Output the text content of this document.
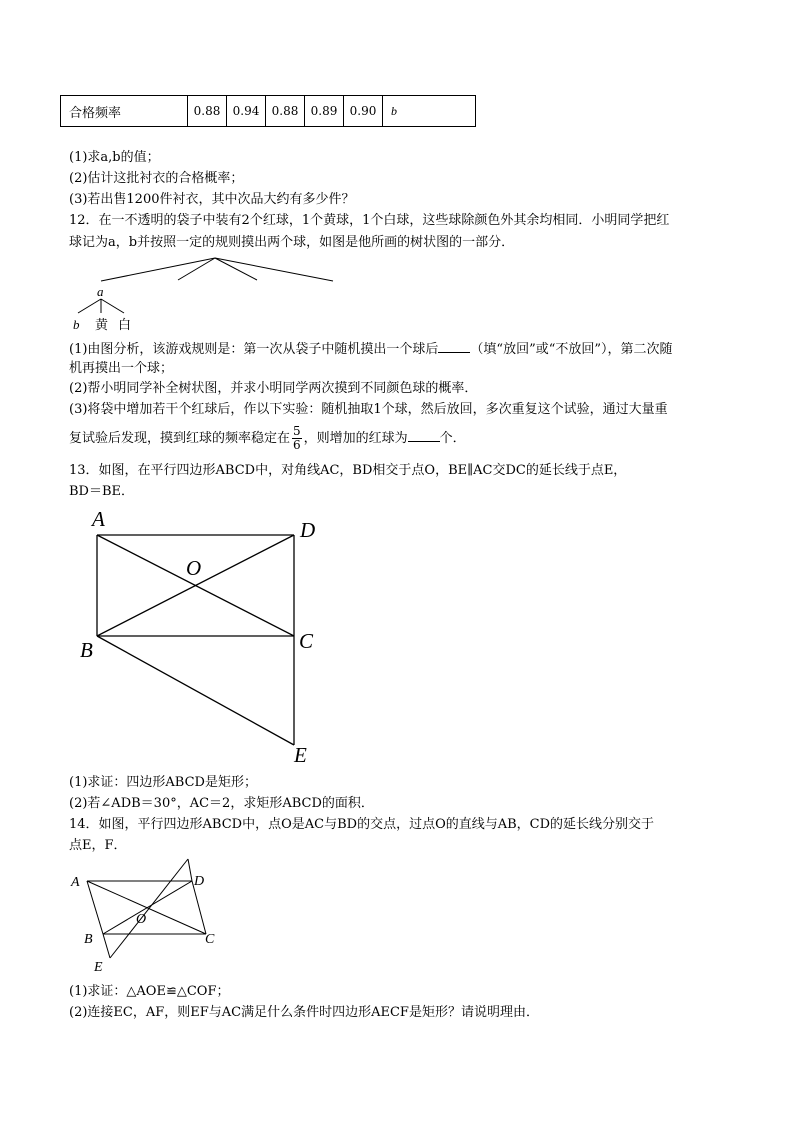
合格频率	0.88	0.94	0.88	0.89	0.90	b
(1)求a,b的值；
(2)估计这批衬衣的合格概率；
(3)若出售1200件衬衣，其中次品大约有多少件？
12．在一不透明的袋子中装有2个红球，1个黄球，1个白球，这些球除颜色外其余均相同．小明同学把红
球记为a，b并按照一定的规则摸出两个球，如图是他所画的树状图的一部分．
a
b 黄 白
(1)由图分析，该游戏规则是：第一次从袋子中随机摸出一个球后 （填“放回”或“不放回”），第二次随
机再摸出一个球；
(2)帮小明同学补全树状图，并求小明同学两次摸到不同颜色球的概率．
(3)将袋中增加若干个红球后，作以下实验：随机抽取1个球，然后放回，多次重复这个试验，通过大量重
复试验后发现，摸到红球的频率稳定在 $\frac{5}{6}$ ，则增加的红球为 个．
13．如图，在平行四边形ABCD中，对角线AC，BD相交于点O，BE∥AC交DC的延长线于点E，
BD＝BE．
A	D
O
B	C
E
(1)求证：四边形ABCD是矩形；
(2)若∠ADB＝30°，AC＝2，求矩形ABCD的面积．
14．如图，平行四边形ABCD中，点O是AC与BD的交点，过点O的直线与AB，CD的延长线分别交于
点E，F．
A	D
O
B	C
E
(1)求证：△AOE≌△COF；
(2)连接EC，AF，则EF与AC满足什么条件时四边形AECF是矩形？请说明理由．
